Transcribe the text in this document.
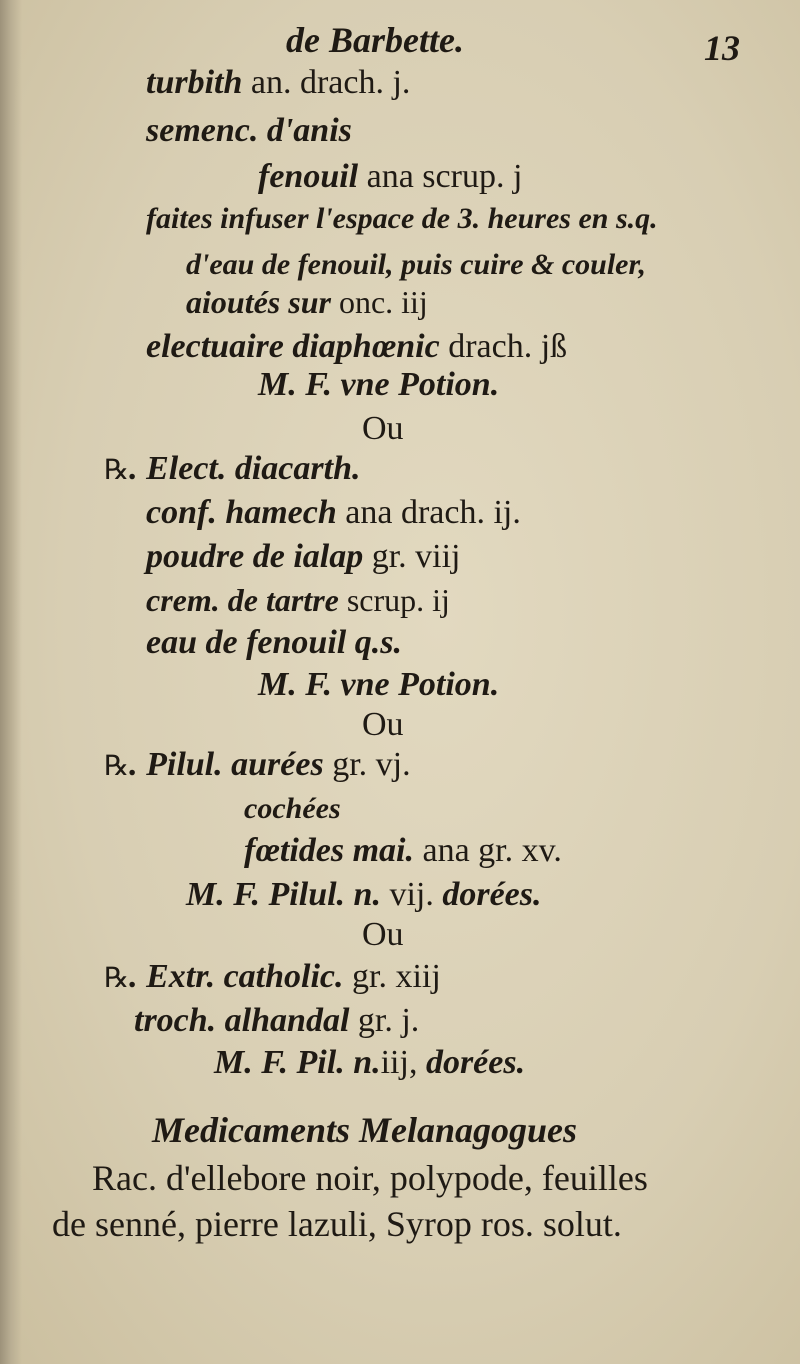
de Barbette.	13
turbith an. drach. j.
semenc. d'anis
fenouil ana scrup. j
faites infuser l'espace de 3. heures en s.q.
d'eau de fenouil, puis cuire & couler,
aioutés sur onc. iij
electuaire diaphœnic drach. jß
M. F. vne Potion.
Ou
℞. Elect. diacarth.
conf. hamech ana drach. ij.
poudre de ialap gr. viij
crem. de tartre scrup. ij
eau de fenouil q.s.
M. F. vne Potion.
Ou
℞. Pilul. aurées gr. vj.
cochées
fœtides mai. ana gr. xv.
M. F. Pilul. n. vij. dorées.
Ou
℞. Extr. catholic. gr. xiij
troch. alhandal gr. j.
M. F. Pil. n.iij, dorées.
Medicaments Melanagogues
Rac. d'ellebore noir, polypode, feuilles
de senné, pierre lazuli, Syrop ros. solut.
